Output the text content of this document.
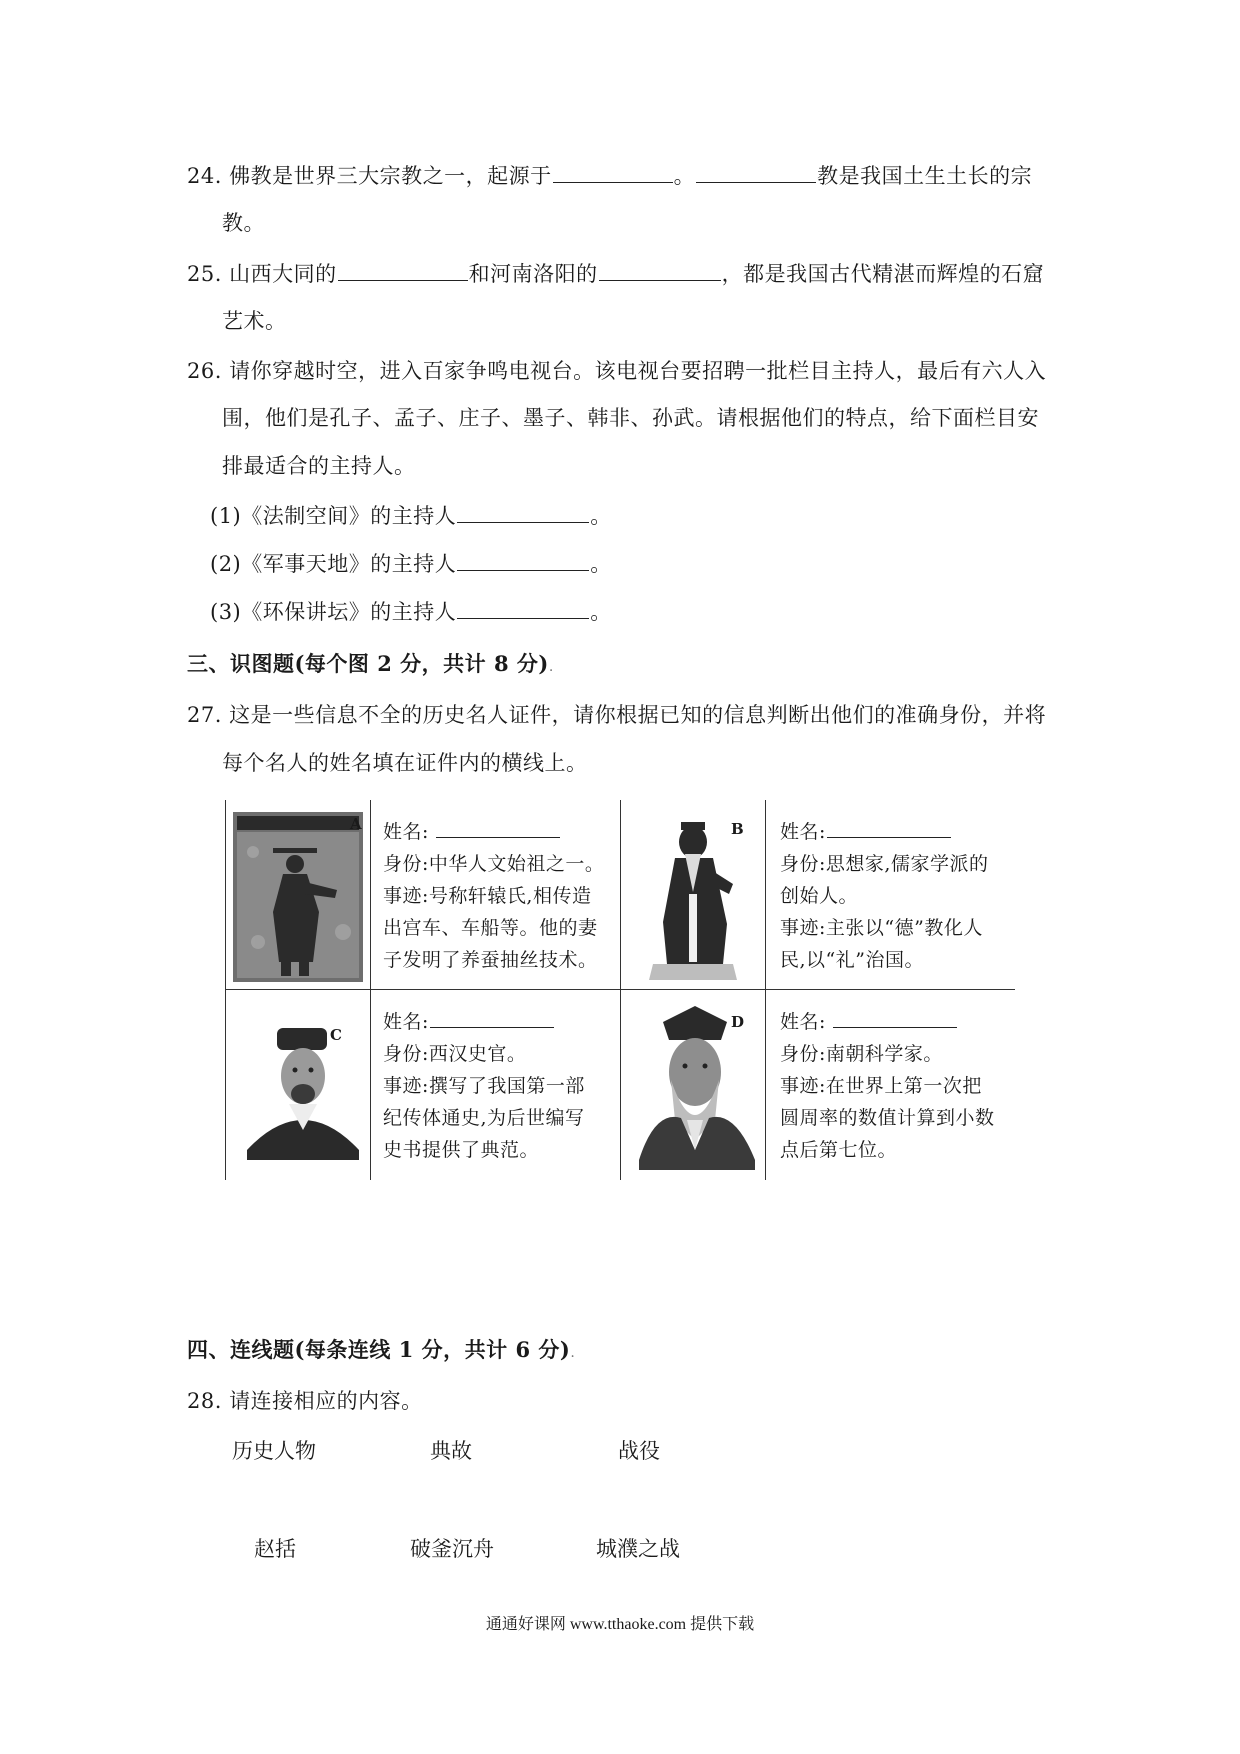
24. 佛教是世界三大宗教之一，起源于	。	教是我国土生土长的宗
教。
25. 山西大同的	和河南洛阳的	，都是我国古代精湛而辉煌的石窟
艺术。
26. 请你穿越时空，进入百家争鸣电视台。该电视台要招聘一批栏目主持人，最后有六人入
围，他们是孔子、孟子、庄子、墨子、韩非、孙武。请根据他们的特点，给下面栏目安
排最适合的主持人。
(1)《法制空间》的主持人	。
(2)《军事天地》的主持人	。
(3)《环保讲坛》的主持人	。
三、识图题(每个图 2 分，共计 8 分).
27. 这是一些信息不全的历史名人证件，请你根据已知的信息判断出他们的准确身份，并将
每个名人的姓名填在证件内的横线上。
A 姓名:
身份:中华人文始祖之一。
事迹:号称轩辕氏,相传造
出宫车、车船等。他的妻
子发明了养蚕抽丝技术。
B 姓名:
身份:思想家,儒家学派的
创始人。
事迹:主张以“德”教化人
民,以“礼”治国。
C
姓名:
身份:西汉史官。
事迹:撰写了我国第一部
纪传体通史,为后世编写
史书提供了典范。
D 姓名:
身份:南朝科学家。
事迹:在世界上第一次把
圆周率的数值计算到小数
点后第七位。
四、连线题(每条连线 1 分，共计 6 分).
28. 请连接相应的内容。
历史人物	典故	战役
赵括	破釜沉舟	城濮之战
通通好课网 www.tthaoke.com 提供下载
